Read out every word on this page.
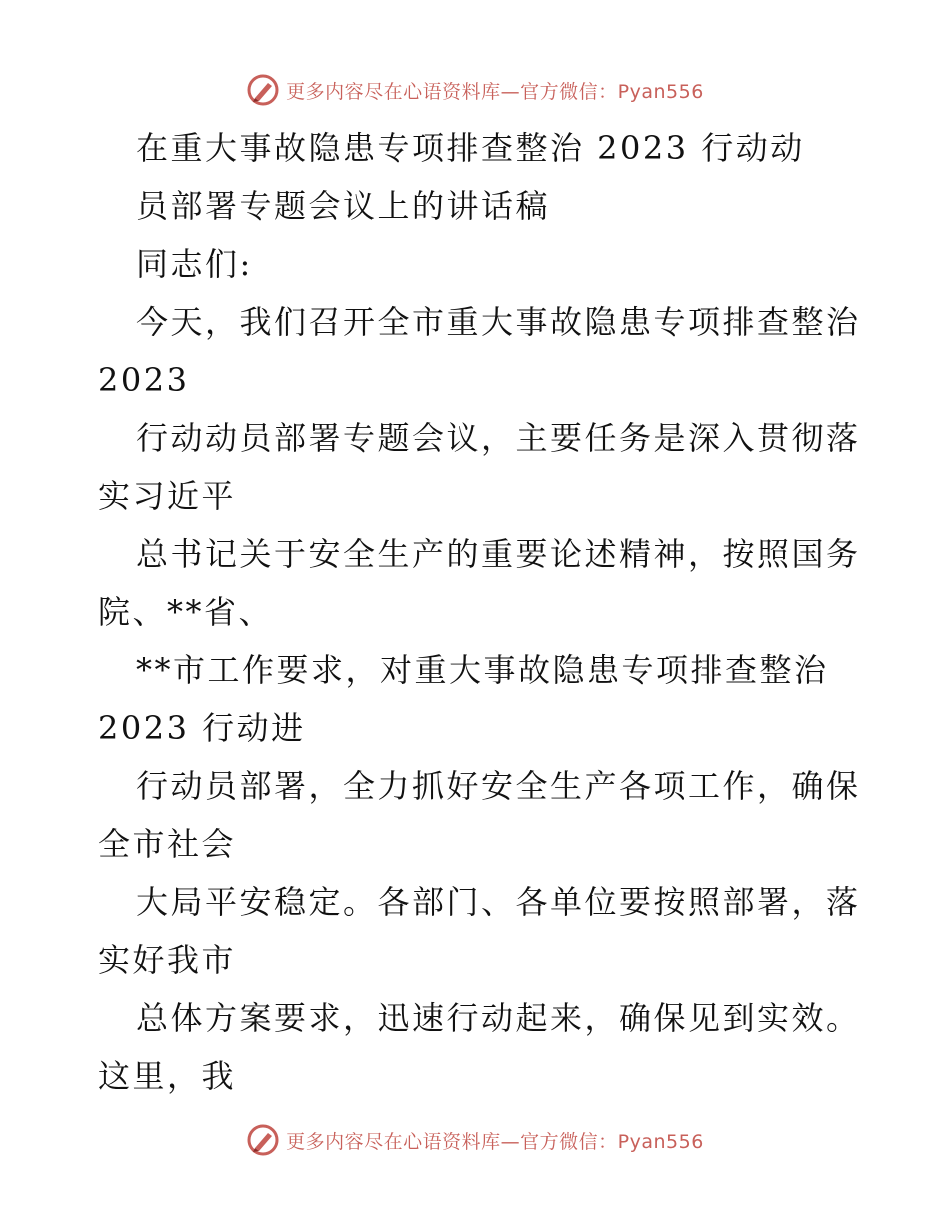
更多内容尽在心语资料库—官方微信：Pyan556

在重大事故隐患专项排查整治 2023 行动动

员部署专题会议上的讲话稿

同志们:

今天，我们召开全市重大事故隐患专项排查整治

2023

行动动员部署专题会议，主要任务是深入贯彻落

实习近平

总书记关于安全生产的重要论述精神，按照国务

院、**省、

**市工作要求，对重大事故隐患专项排查整治

2023 行动进

行动员部署，全力抓好安全生产各项工作，确保

全市社会

大局平安稳定。各部门、各单位要按照部署，落

实好我市

总体方案要求，迅速行动起来，确保见到实效。

这里，我

更多内容尽在心语资料库—官方微信：Pyan556
